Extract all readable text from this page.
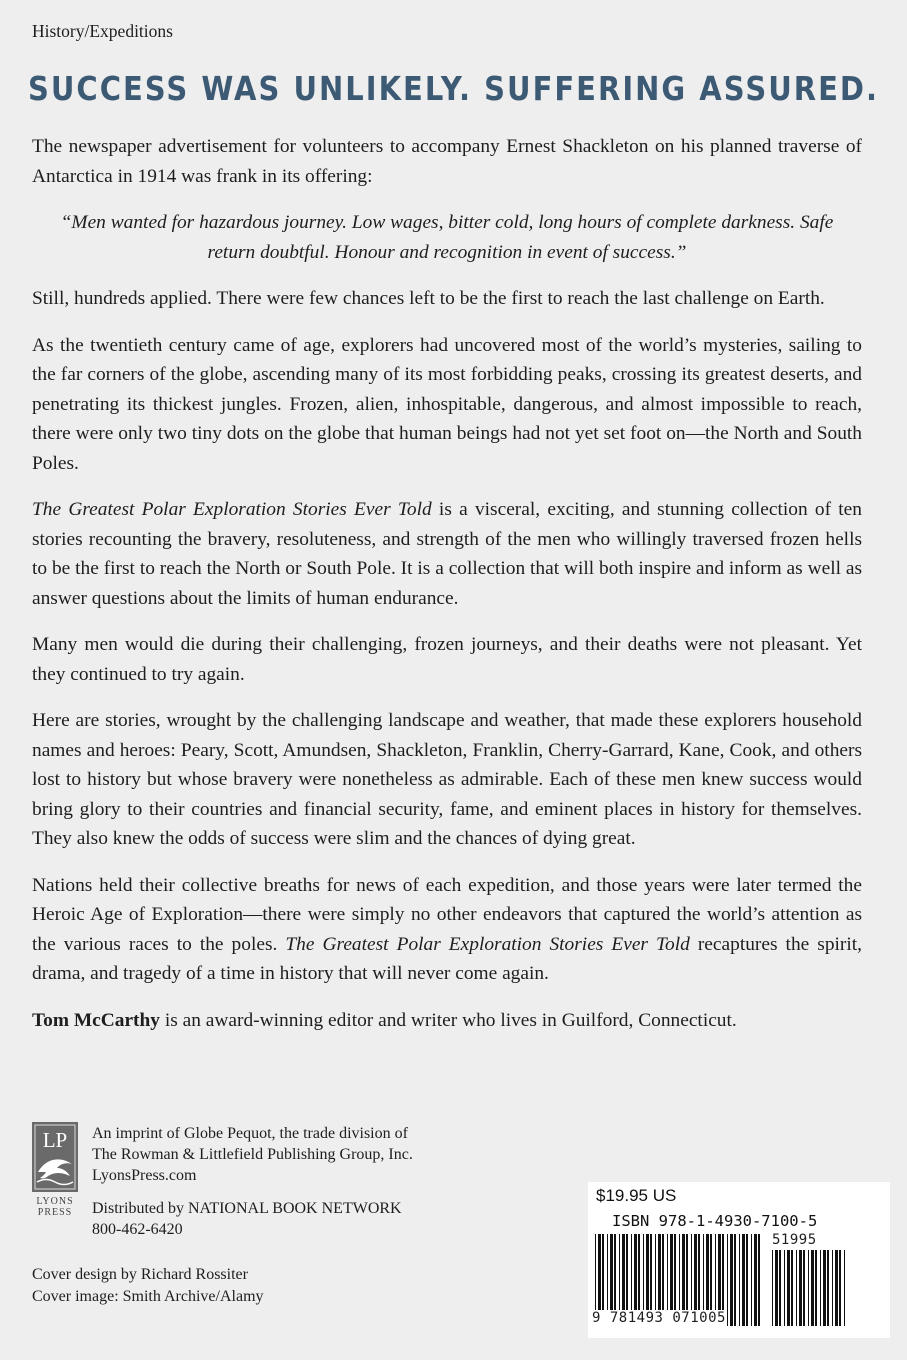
History/Expeditions
SUCCESS WAS UNLIKELY. SUFFERING ASSURED.

The newspaper advertisement for volunteers to accompany Ernest Shackleton on his planned traverse of Antarctica in 1914 was frank in its offering:

“Men wanted for hazardous journey. Low wages, bitter cold, long hours of complete darkness. Safe return doubtful. Honour and recognition in event of success.”

Still, hundreds applied. There were few chances left to be the first to reach the last challenge on Earth.

As the twentieth century came of age, explorers had uncovered most of the world’s mysteries, sailing to the far corners of the globe, ascending many of its most forbidding peaks, crossing its greatest deserts, and penetrating its thickest jungles. Frozen, alien, inhospitable, dangerous, and almost impossible to reach, there were only two tiny dots on the globe that human beings had not yet set foot on—the North and South Poles.

The Greatest Polar Exploration Stories Ever Told is a visceral, exciting, and stunning collection of ten stories recounting the bravery, resoluteness, and strength of the men who willingly traversed frozen hells to be the first to reach the North or South Pole. It is a collection that will both inspire and inform as well as answer questions about the limits of human endurance.

Many men would die during their challenging, frozen journeys, and their deaths were not pleasant. Yet they continued to try again.

Here are stories, wrought by the challenging landscape and weather, that made these explorers household names and heroes: Peary, Scott, Amundsen, Shackleton, Franklin, Cherry-Garrard, Kane, Cook, and others lost to history but whose bravery were nonetheless as admirable. Each of these men knew success would bring glory to their countries and financial security, fame, and eminent places in history for themselves. They also knew the odds of success were slim and the chances of dying great.

Nations held their collective breaths for news of each expedition, and those years were later termed the Heroic Age of Exploration—there were simply no other endeavors that captured the world’s attention as the various races to the poles. The Greatest Polar Exploration Stories Ever Told recaptures the spirit, drama, and tragedy of a time in history that will never come again.

Tom McCarthy is an award-winning editor and writer who lives in Guilford, Connecticut.

LP
LYONS
PRESS
An imprint of Globe Pequot, the trade division of
The Rowman & Littlefield Publishing Group, Inc.
LyonsPress.com
Distributed by NATIONAL BOOK NETWORK
800-462-6420
Cover design by Richard Rossiter
Cover image: Smith Archive/Alamy
$19.95 US
ISBN 978-1-4930-7100-5
51995
9 781493 071005
